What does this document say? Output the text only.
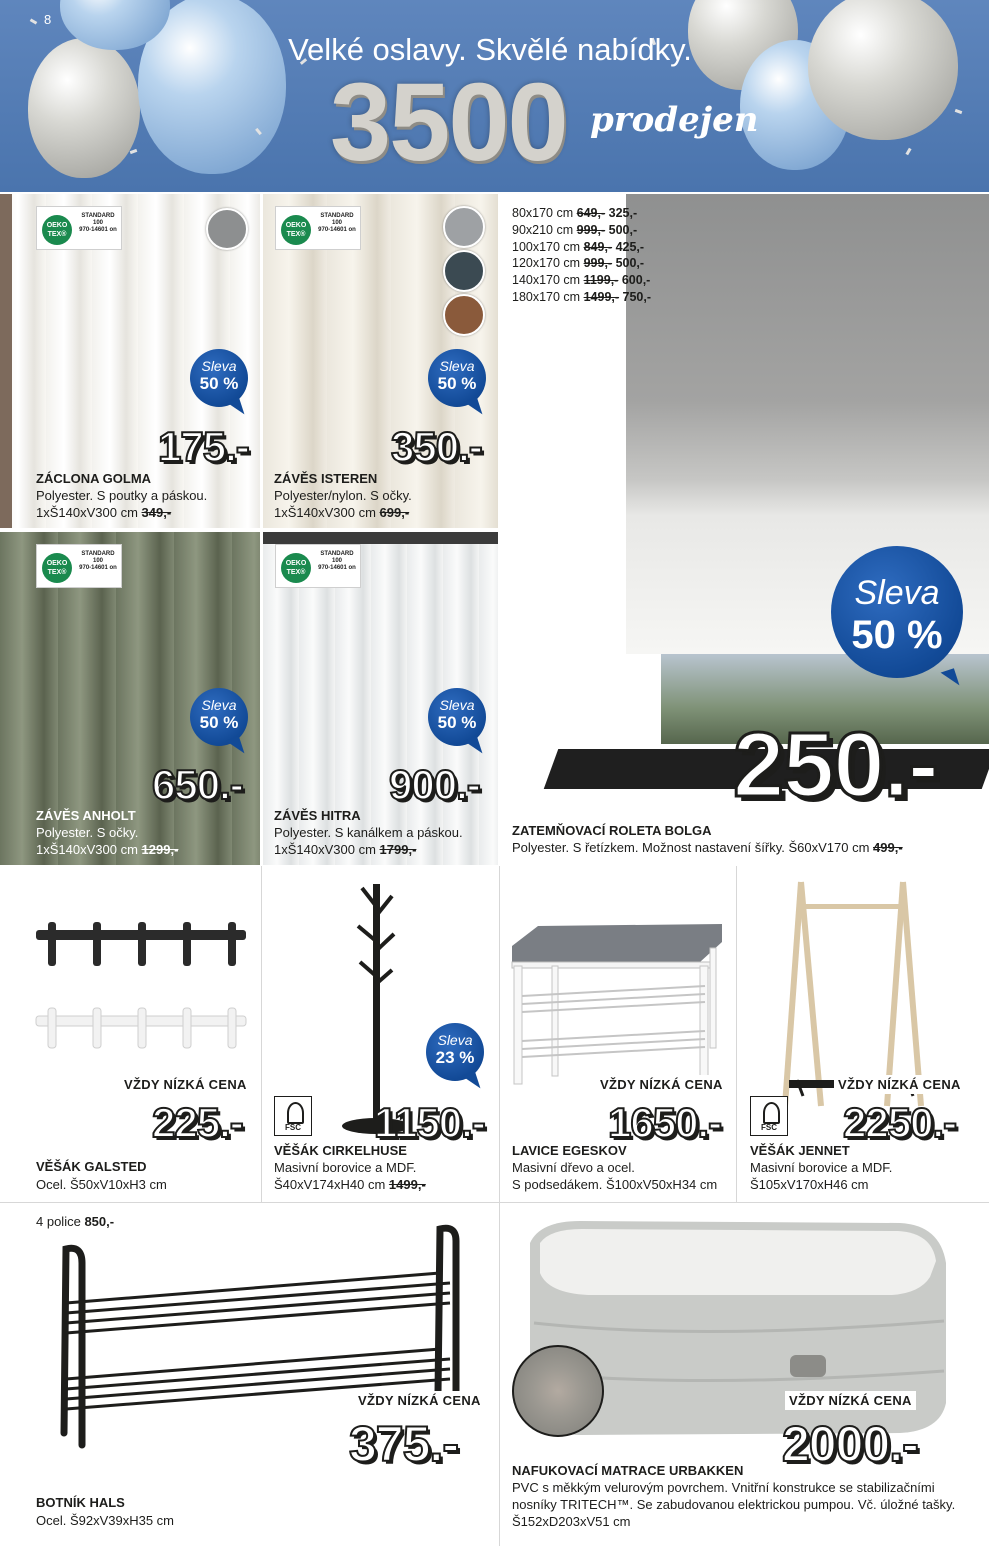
8
Velké oslavy. Skvělé nabídky.
3500 prodejen
OEKO TEX®
STANDARD 100
970-14601 on
Sleva
50 %
175.-
ZÁCLONA GOLMA
Polyester. S poutky a páskou.
1xŠ140xV300 cm 349,-
OEKO TEX®
STANDARD 100
970-14601 on
Sleva
50 %
350.-
ZÁVĚS ISTEREN
Polyester/nylon. S očky.
1xŠ140xV300 cm 699,-
OEKO TEX®
STANDARD 100
970-14601 on
Sleva
50 %
650.-
ZÁVĚS ANHOLT
Polyester. S očky.
1xŠ140xV300 cm 1299,-
OEKO TEX®
STANDARD 100
970-14601 on
Sleva
50 %
900.-
ZÁVĚS HITRA
Polyester. S kanálkem a páskou.
1xŠ140xV300 cm 1799,-
Sleva
50 %
250.-
ZATEMŇOVACÍ ROLETA BOLGA
Polyester. S řetízkem. Možnost nastavení šířky. Š60xV170 cm 499,-
80x170 cm 649,- 325,-
90x210 cm 999,- 500,-
100x170 cm 849,- 425,-
120x170 cm 999,- 500,-
140x170 cm 1199,- 600,-
180x170 cm 1499,- 750,-
VŽDY NÍZKÁ CENA
225.-
VĚŠÁK GALSTED
Ocel. Š50xV10xH3 cm
Sleva
23 %
FSC 1150.-
VĚŠÁK CIRKELHUSE
Masivní borovice a MDF.
Š40xV174xH40 cm 1499,-
VŽDY NÍZKÁ CENA
1650.-
LAVICE EGESKOV
Masivní dřevo a ocel.
S podsedákem. Š100xV50xH34 cm
VŽDY NÍZKÁ CENA
FSC 2250.-
VĚŠÁK JENNET
Masivní borovice a MDF.
Š105xV170xH46 cm
4 police 850,-
VŽDY NÍZKÁ CENA
375.-
BOTNÍK HALS
Ocel. Š92xV39xH35 cm
VŽDY NÍZKÁ CENA
2000.-
NAFUKOVACÍ MATRACE URBAKKEN
PVC s měkkým velurovým povrchem. Vnitřní konstrukce se stabilizačními
nosníky TRITECH™. Se zabudovanou elektrickou pumpou. Vč. úložné tašky.
Š152xD203xV51 cm
